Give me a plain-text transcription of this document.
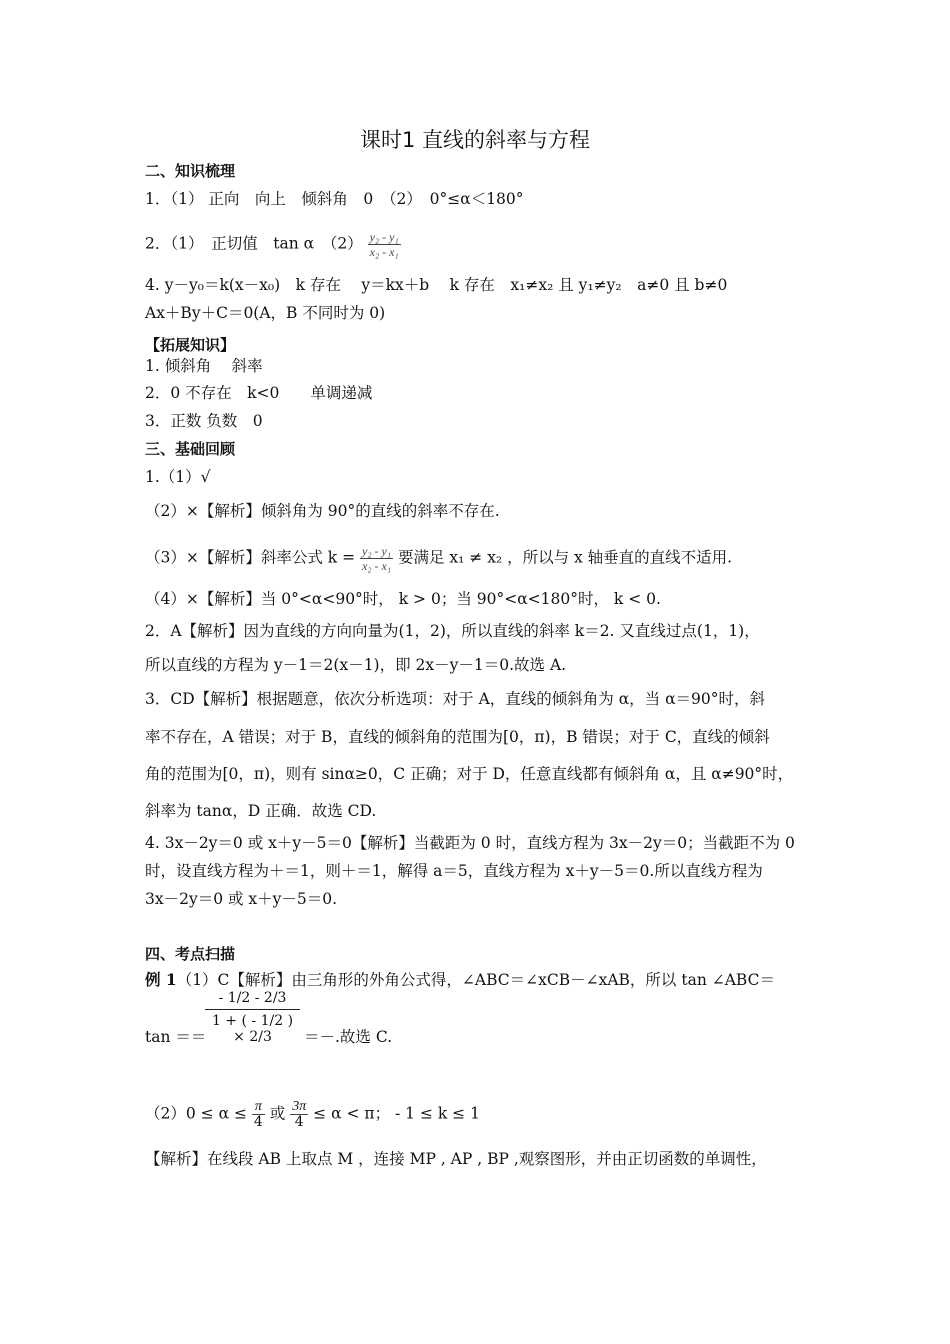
课时1 直线的斜率与方程
二、知识梳理
1．（1） 正向　向上　倾斜角　0　（2）　0°≤α＜180°
2．（1）　正切值　tan α　$(2) \frac{\text{y₂ - y₁}}{\text{x₂ - x₁}}$
4. y－y₀＝k(x－x₀)　k 存在　 y＝kx＋b　 k 存在　x₁≠x₂ 且 y₁≠y₂　a≠0 且 b≠0
Ax＋By＋C＝0(A，B 不同时为 0)
【拓展知识】
1. 倾斜角　 斜率
2．0 不存在　k<0　　单调递减
3．正数 负数　0
三、基础回顾
1.（1）√
（2）×【解析】倾斜角为 90°的直线的斜率不存在.
（3）×【解析】斜率公式 $k = \frac{\text{y₂ - y₁}}{\text{x₂ - x₁}}$ 要满足 x₁ ≠ x₂ ，所以与 x 轴垂直的直线不适用.
（4）×【解析】当 0°<α<90°时， k > 0；当 90°<α<180°时， k < 0.
2．A【解析】因为直线的方向向量为(1，2)，所以直线的斜率 k＝2. 又直线过点(1，1)，
所以直线的方程为 y－1＝2(x－1)，即 2x－y－1＝0.故选 A.
3．CD【解析】根据题意，依次分析选项：对于 A，直线的倾斜角为 α，当 α＝90°时，斜
率不存在，A 错误；对于 B，直线的倾斜角的范围为[0，π)，B 错误；对于 C，直线的倾斜
角的范围为[0，π)，则有 sinα≥0，C 正确；对于 D，任意直线都有倾斜角 α，且 α≠90°时，
斜率为 tanα，D 正确．故选 CD.
4. 3x－2y＝0 或 x＋y－5＝0【解析】当截距为 0 时，直线方程为 3x－2y＝0；当截距不为 0
时，设直线方程为＋＝1，则＋＝1，解得 a＝5，直线方程为 x＋y－5＝0.所以直线方程为
3x－2y＝0 或 x＋y－5＝0.
四、考点扫描
例 1（1）C【解析】由三角形的外角公式得，∠ABC＝∠xCB－∠xAB，所以 tan ∠ABC＝
tan ＝＝
$\frac{- 1/2 - 2/3}{1 + ( - 1/2 ) \times 2/3}$ ＝－.故选 C.
$(2)0 \le \alpha \le \frac{\pi}{4}$ 或 $\frac{3\pi}{4} \le \alpha < \pi$； - 1 ≤ k ≤ 1
【解析】在线段 AB 上取点 M ，连接 MP , AP , BP ,观察图形，并由正切函数的单调性，
